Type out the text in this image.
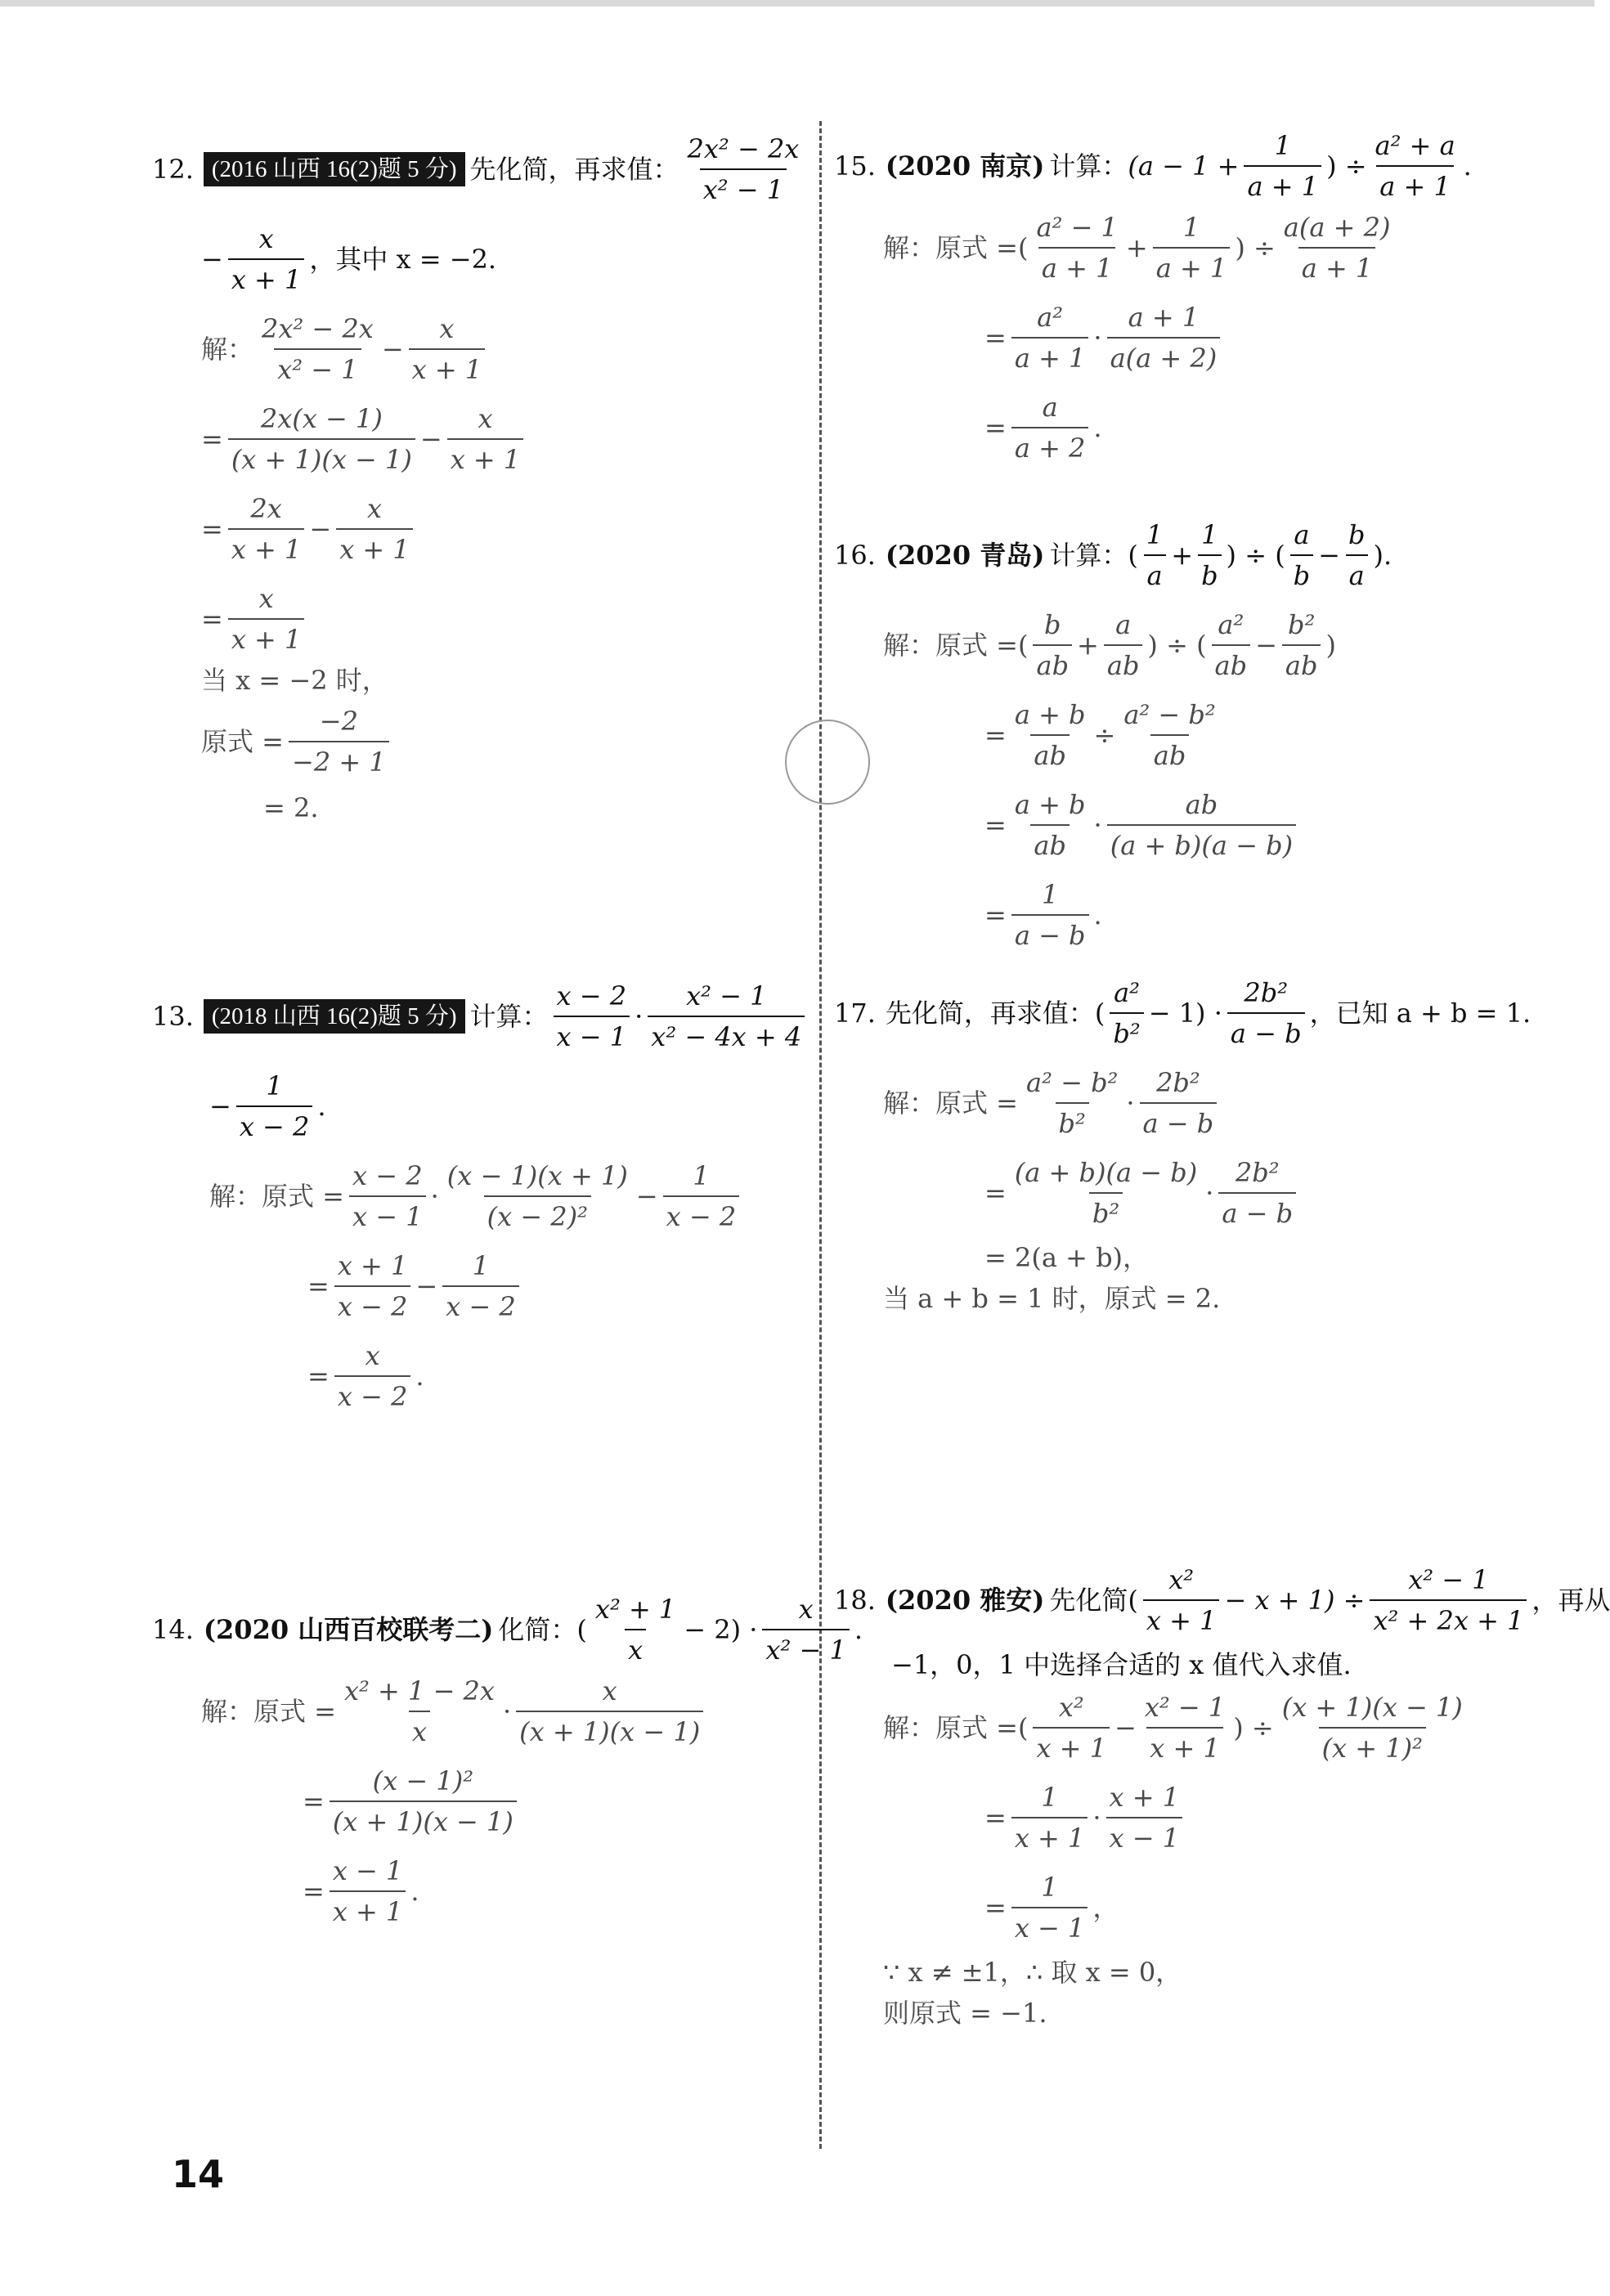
12. (2016 山西 16(2)题 5 分) 先化简，再求值： $\frac{\text{2x² − 2x}}{\text{x² − 1}}$
− $\frac{x}{x + 1}$ ，其中 x = −2.
解： $\frac{\text{2x² − 2x}}{\text{x² − 1}} - \frac{x}{x + 1}$
= $\frac{2x(x - 1)}{(x + 1)(x - 1)} - \frac{x}{x + 1}$
= $\frac{2x}{x + 1} - \frac{x}{x + 1}$
= $\frac{x}{x + 1}$
当 x = −2 时，
原式 = $\frac{-2}{-2 + 1}$
= 2.
13. (2018 山西 16(2)题 5 分) 计算： $\frac{x - 2}{x - 1} \cdot \frac{\text{x² − 1}}{\text{x² − 4x + 4}}$
− $\frac{1}{x - 2}$ .
解：原式 = $\frac{x - 2}{x - 1} \cdot \frac{(x - 1)(x + 1)}{\text{(x − 2)²}} - \frac{1}{x - 2}$
= $\frac{x + 1}{x - 2} - \frac{1}{x - 2}$
= $\frac{x}{x - 2}$ .
14. (2020 山西百校联考二) 化简： ( $\frac{\text{x² + 1}}{x} - 2) \cdot \frac{x}{\text{x² − 1}}$ .
解：原式 = $\frac{\text{x² + 1 − 2x}}{x} \cdot \frac{x}{(x + 1)(x - 1)}$
= $\frac{\text{(x − 1)²}}{(x + 1)(x - 1)}$
= $\frac{x - 1}{x + 1}$ .
15. (2020 南京) 计算： ($a - 1 + \frac{1}{a + 1}$ ) ÷ $\frac{\text{a² + a}}{a + 1}$ .
解：原式 = ( $\frac{\text{a² − 1}}{a + 1} + \frac{1}{a + 1}$ ) ÷ $\frac{a(a + 2)}{a + 1}$
= $\frac{\text{a²}}{a + 1} \cdot \frac{a + 1}{a(a + 2)}$
= $\frac{a}{a + 2}$ .
16. (2020 青岛) 计算： ( $\frac{1}{a} + \frac{1}{b}$ ) ÷ ( $\frac{a}{b} - \frac{b}{a}$ ).
解：原式 = ( $\frac{b}{ab} + \frac{a}{ab}$ ) ÷ ( $\frac{\text{a²}}{ab} - \frac{\text{b²}}{ab}$ )
= $\frac{a + b}{ab} \div \frac{\text{a² − b²}}{ab}$
= $\frac{a + b}{ab} \cdot \frac{ab}{(a + b)(a - b)}$
= $\frac{1}{a - b}$ .
17. 先化简，再求值： ( $\frac{\text{a²}}{\text{b²}} - 1) \cdot \frac{\text{2b²}}{a - b}$ ，已知 a + b = 1.
解：原式 = $\frac{\text{a² − b²}}{\text{b²}} \cdot \frac{\text{2b²}}{a - b}$
= $\frac{(a + b)(a - b)}{\text{b²}} \cdot \frac{\text{2b²}}{a - b}$
= 2(a + b)，
当 a + b = 1 时，原式 = 2.
18. (2020 雅安) 先化简 ( $\frac{\text{x²}}{x + 1} - x + 1) \div \frac{\text{x² − 1}}{\text{x² + 2x + 1}}$ ，再从
−1，0，1 中选择合适的 x 值代入求值.
解：原式 = ( $\frac{\text{x²}}{x + 1} - \frac{\text{x² − 1}}{x + 1}$ ) ÷ $\frac{(x + 1)(x - 1)}{\text{(x + 1)²}}$
= $\frac{1}{x + 1} \cdot \frac{x + 1}{x - 1}$
= $\frac{1}{x - 1}$ ，
∵ x ≠ ±1，∴ 取 x = 0，
则原式 = −1.
14
